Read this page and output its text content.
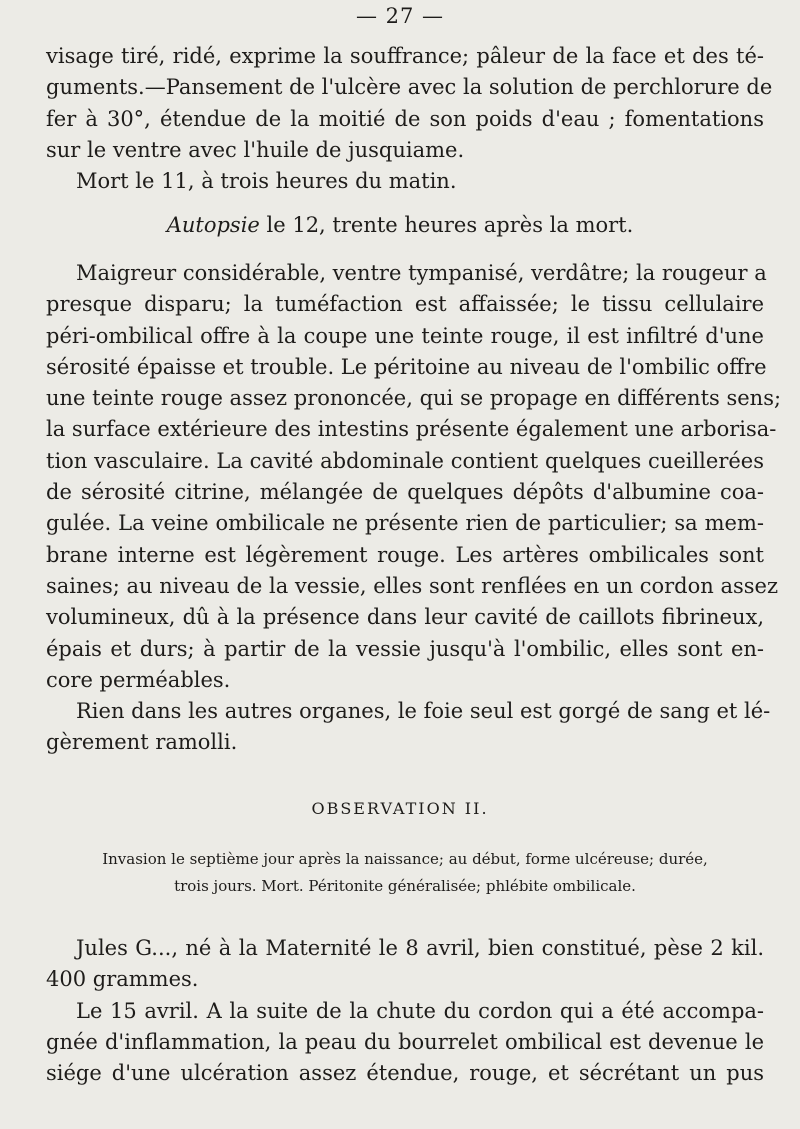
— 27 —
visage tiré, ridé, exprime la souffrance; pâleur de la face et des té-
guments.—Pansement de l'ulcère avec la solution de perchlorure de
fer à 30°, étendue de la moitié de son poids d'eau ; fomentations
sur le ventre avec l'huile de jusquiame.
Mort le 11, à trois heures du matin.
Autopsie le 12, trente heures après la mort.
Maigreur considérable, ventre tympanisé, verdâtre; la rougeur a
presque disparu; la tuméfaction est affaissée; le tissu cellulaire
péri-ombilical offre à la coupe une teinte rouge, il est infiltré d'une
sérosité épaisse et trouble. Le péritoine au niveau de l'ombilic offre
une teinte rouge assez prononcée, qui se propage en différents sens;
la surface extérieure des intestins présente également une arborisa-
tion vasculaire. La cavité abdominale contient quelques cueillerées
de sérosité citrine, mélangée de quelques dépôts d'albumine coa-
gulée. La veine ombilicale ne présente rien de particulier; sa mem-
brane interne est légèrement rouge. Les artères ombilicales sont
saines; au niveau de la vessie, elles sont renflées en un cordon assez
volumineux, dû à la présence dans leur cavité de caillots fibrineux,
épais et durs; à partir de la vessie jusqu'à l'ombilic, elles sont en-
core perméables.
Rien dans les autres organes, le foie seul est gorgé de sang et lé-
gèrement ramolli.
OBSERVATION II.
Invasion le septième jour après la naissance; au début, forme ulcéreuse; durée,
trois jours. Mort. Péritonite généralisée; phlébite ombilicale.
Jules G..., né à la Maternité le 8 avril, bien constitué, pèse 2 kil.
400 grammes.
Le 15 avril. A la suite de la chute du cordon qui a été accompa-
gnée d'inflammation, la peau du bourrelet ombilical est devenue le
siége d'une ulcération assez étendue, rouge, et sécrétant un pus
